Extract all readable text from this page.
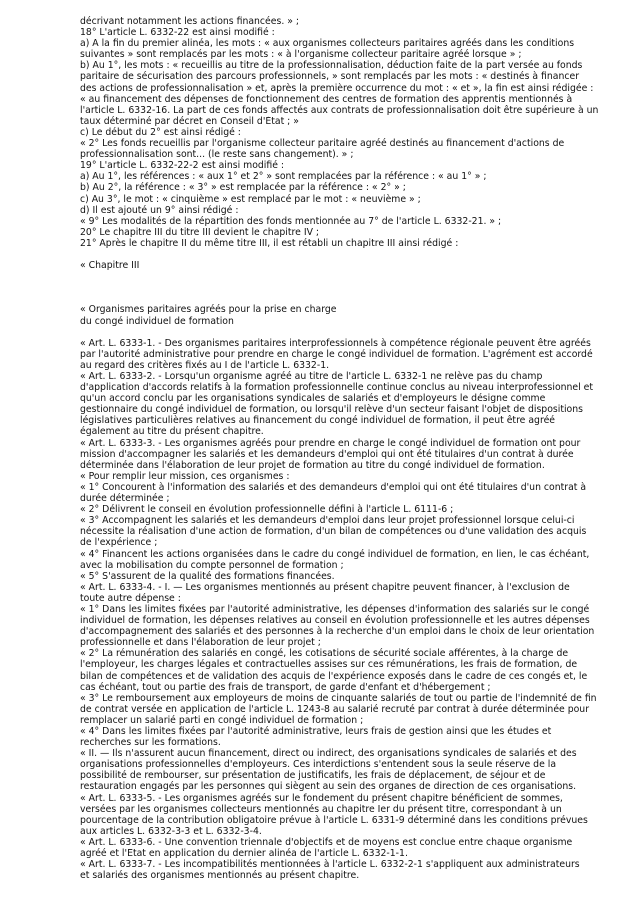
décrivant notamment les actions financées. » ;
18° L'article L. 6332-22 est ainsi modifié :
a) A la fin du premier alinéa, les mots : « aux organismes collecteurs paritaires agréés dans les conditions
suivantes » sont remplacés par les mots : « à l'organisme collecteur paritaire agréé lorsque » ;
b) Au 1°, les mots : « recueillis au titre de la professionnalisation, déduction faite de la part versée au fonds
paritaire de sécurisation des parcours professionnels, » sont remplacés par les mots : « destinés à financer
des actions de professionnalisation » et, après la première occurrence du mot : « et », la fin est ainsi rédigée :
« au financement des dépenses de fonctionnement des centres de formation des apprentis mentionnés à
l'article L. 6332-16. La part de ces fonds affectés aux contrats de professionnalisation doit être supérieure à un
taux déterminé par décret en Conseil d'État ; »
c) Le début du 2° est ainsi rédigé :
« 2° Les fonds recueillis par l'organisme collecteur paritaire agréé destinés au financement d'actions de
professionnalisation sont... (le reste sans changement). » ;
19° L'article L. 6332-22-2 est ainsi modifié :
a) Au 1°, les références : « aux 1° et 2° » sont remplacées par la référence : « au 1° » ;
b) Au 2°, la référence : « 3° » est remplacée par la référence : « 2° » ;
c) Au 3°, le mot : « cinquième » est remplacé par le mot : « neuvième » ;
d) Il est ajouté un 9° ainsi rédigé :
« 9° Les modalités de la répartition des fonds mentionnée au 7° de l'article L. 6332-21. » ;
20° Le chapitre III du titre III devient le chapitre IV ;
21° Après le chapitre II du même titre III, il est rétabli un chapitre III ainsi rédigé :
« Chapitre III
« Organismes paritaires agréés pour la prise en charge
du congé individuel de formation
« Art. L. 6333-1. - Des organismes paritaires interprofessionnels à compétence régionale peuvent être agréés
par l'autorité administrative pour prendre en charge le congé individuel de formation. L'agrément est accordé
au regard des critères fixés au I de l'article L. 6332-1.
« Art. L. 6333-2. - Lorsqu'un organisme agréé au titre de l'article L. 6332-1 ne relève pas du champ
d'application d'accords relatifs à la formation professionnelle continue conclus au niveau interprofessionnel et
qu'un accord conclu par les organisations syndicales de salariés et d'employeurs le désigne comme
gestionnaire du congé individuel de formation, ou lorsqu'il relève d'un secteur faisant l'objet de dispositions
législatives particulières relatives au financement du congé individuel de formation, il peut être agréé
également au titre du présent chapitre.
« Art. L. 6333-3. - Les organismes agréés pour prendre en charge le congé individuel de formation ont pour
mission d'accompagner les salariés et les demandeurs d'emploi qui ont été titulaires d'un contrat à durée
déterminée dans l'élaboration de leur projet de formation au titre du congé individuel de formation.
« Pour remplir leur mission, ces organismes :
« 1° Concourent à l'information des salariés et des demandeurs d'emploi qui ont été titulaires d'un contrat à
durée déterminée ;
« 2° Délivrent le conseil en évolution professionnelle défini à l'article L. 6111-6 ;
« 3° Accompagnent les salariés et les demandeurs d'emploi dans leur projet professionnel lorsque celui-ci
nécessite la réalisation d'une action de formation, d'un bilan de compétences ou d'une validation des acquis
de l'expérience ;
« 4° Financent les actions organisées dans le cadre du congé individuel de formation, en lien, le cas échéant,
avec la mobilisation du compte personnel de formation ;
« 5° S'assurent de la qualité des formations financées.
« Art. L. 6333-4. - I. — Les organismes mentionnés au présent chapitre peuvent financer, à l'exclusion de
toute autre dépense :
« 1° Dans les limites fixées par l'autorité administrative, les dépenses d'information des salariés sur le congé
individuel de formation, les dépenses relatives au conseil en évolution professionnelle et les autres dépenses
d'accompagnement des salariés et des personnes à la recherche d'un emploi dans le choix de leur orientation
professionnelle et dans l'élaboration de leur projet ;
« 2° La rémunération des salariés en congé, les cotisations de sécurité sociale afférentes, à la charge de
l'employeur, les charges légales et contractuelles assises sur ces rémunérations, les frais de formation, de
bilan de compétences et de validation des acquis de l'expérience exposés dans le cadre de ces congés et, le
cas échéant, tout ou partie des frais de transport, de garde d'enfant et d'hébergement ;
« 3° Le remboursement aux employeurs de moins de cinquante salariés de tout ou partie de l'indemnité de fin
de contrat versée en application de l'article L. 1243-8 au salarié recruté par contrat à durée déterminée pour
remplacer un salarié parti en congé individuel de formation ;
« 4° Dans les limites fixées par l'autorité administrative, leurs frais de gestion ainsi que les études et
recherches sur les formations.
« II. — Ils n'assurent aucun financement, direct ou indirect, des organisations syndicales de salariés et des
organisations professionnelles d'employeurs. Ces interdictions s'entendent sous la seule réserve de la
possibilité de rembourser, sur présentation de justificatifs, les frais de déplacement, de séjour et de
restauration engagés par les personnes qui siègent au sein des organes de direction de ces organisations.
« Art. L. 6333-5. - Les organismes agréés sur le fondement du présent chapitre bénéficient de sommes,
versées par les organismes collecteurs mentionnés au chapitre Ier du présent titre, correspondant à un
pourcentage de la contribution obligatoire prévue à l'article L. 6331-9 déterminé dans les conditions prévues
aux articles L. 6332-3-3 et L. 6332-3-4.
« Art. L. 6333-6. - Une convention triennale d'objectifs et de moyens est conclue entre chaque organisme
agréé et l'Etat en application du dernier alinéa de l'article L. 6332-1-1.
« Art. L. 6333-7. - Les incompatibilités mentionnées à l'article L. 6332-2-1 s'appliquent aux administrateurs
et salariés des organismes mentionnés au présent chapitre.
